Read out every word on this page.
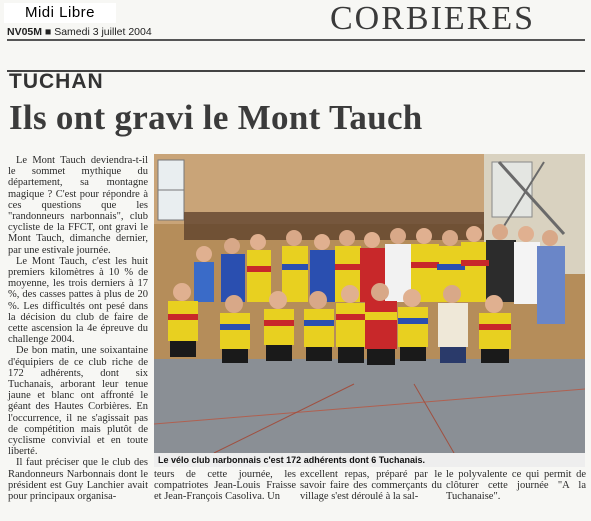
Midi Libre
NV05M ■ Samedi 3 juillet 2004	CORBIERES
TUCHAN
Ils ont gravi le Mont Tauch

Le Mont Tauch deviendra-t-il le sommet mythique du département, sa montagne magique ? C'est pour répondre à ces questions que les "randonneurs narbonnais", club cycliste de la FFCT, ont gravi le Mont Tauch, dimanche dernier, par une estivale journée.

Le Mont Tauch, c'est les huit premiers kilomètres à 10 % de moyenne, les trois derniers à 17 %, des casses pattes à plus de 20 %. Les difficultés ont pesé dans la décision du club de faire de cette ascension la 4e épreuve du challenge 2004.

De bon matin, une soixantaine d'équipiers de ce club riche de 172 adhérents, dont six Tuchanais, arborant leur tenue jaune et blanc ont affronté le géant des Hautes Corbières. En l'occurrence, il ne s'agissait pas de compétition mais plutôt de cyclisme convivial et en toute liberté.

Il faut préciser que le club des Randonneurs Narbonnais dont le président est Guy Lanchier avait pour principaux organisa-

Le vélo club narbonnais c'est 172 adhérents dont 6 Tuchanais.

teurs de cette journée, les compatriotes Jean-Louis Fraisse et Jean-François Casoliva. Un

excellent repas, préparé par le savoir faire des commerçants du village s'est déroulé à la sal-

le polyvalente ce qui permit de clôturer cette journée "A la Tuchanaise".
